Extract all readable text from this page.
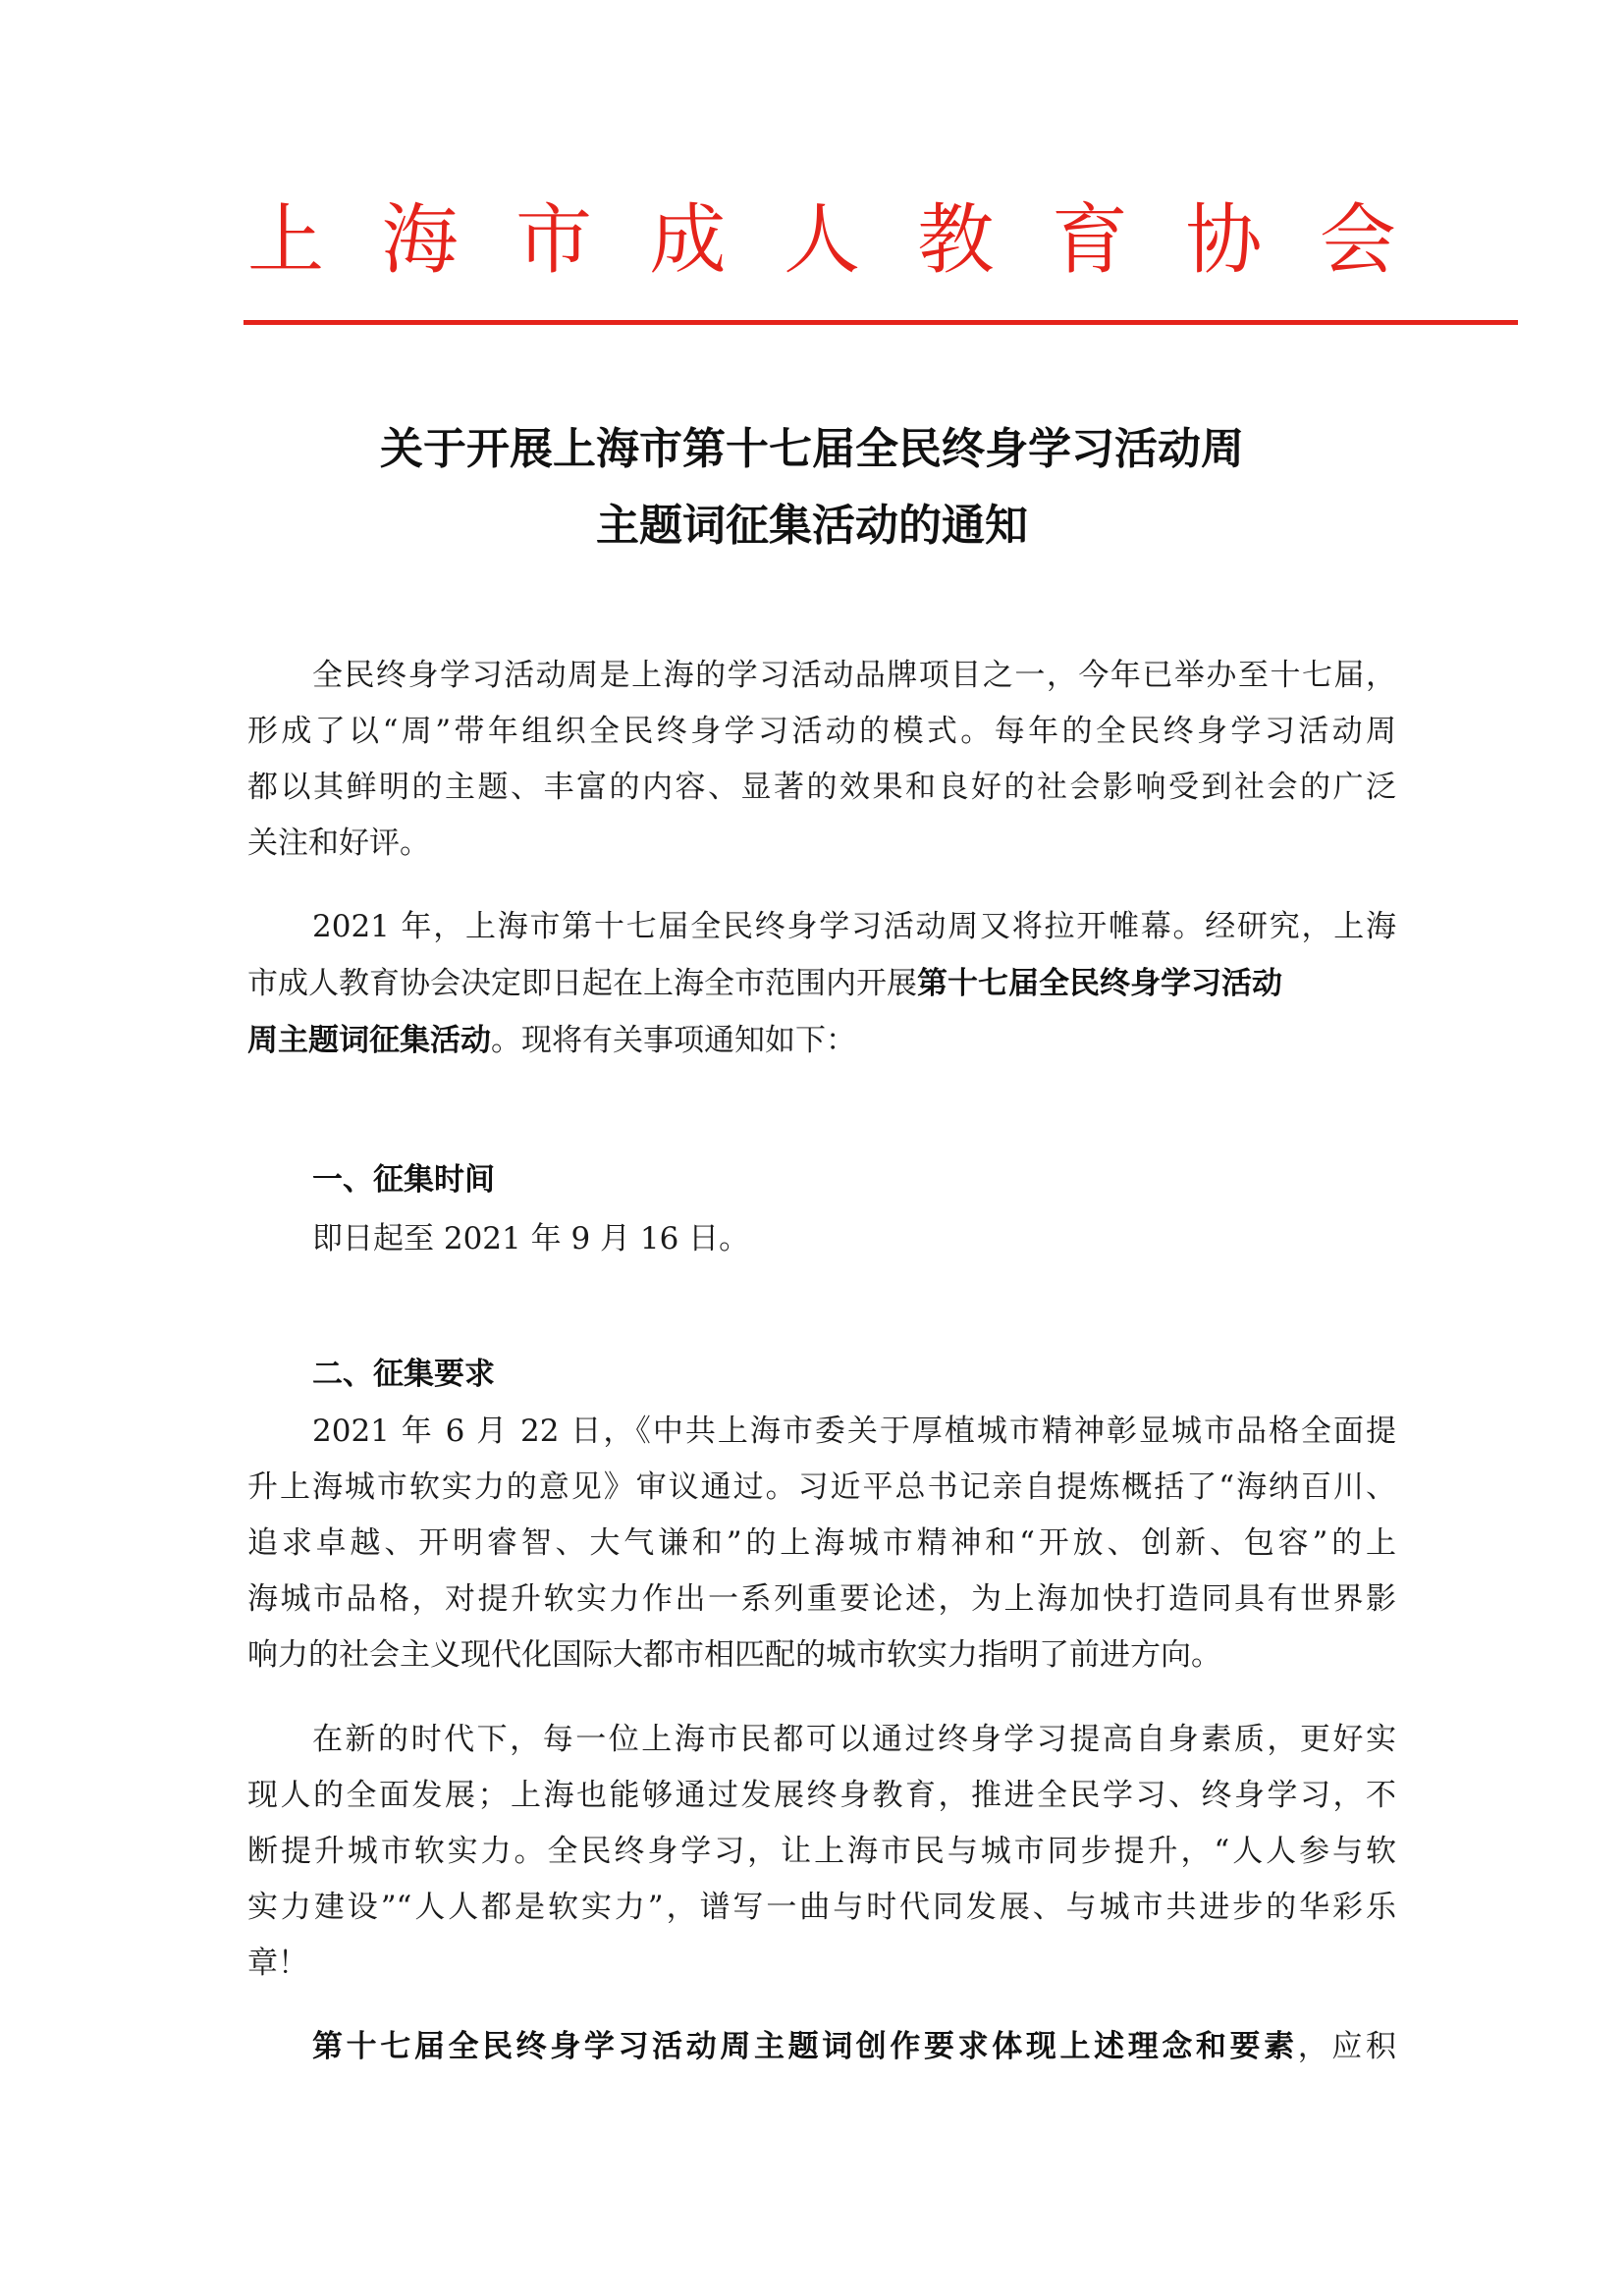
上 海 市 成 人 教 育 协 会
关于开展上海市第十七届全民终身学习活动周
主题词征集活动的通知
全民终身学习活动周是上海的学习活动品牌项目之一，今年已举办至十七届，
形成了以“周”带年组织全民终身学习活动的模式。每年的全民终身学习活动周
都以其鲜明的主题、丰富的内容、显著的效果和良好的社会影响受到社会的广泛
关注和好评。
2021 年，上海市第十七届全民终身学习活动周又将拉开帷幕。经研究，上海
市成人教育协会决定即日起在上海全市范围内开展第十七届全民终身学习活动
周主题词征集活动。现将有关事项通知如下：
一、征集时间
即日起至 2021 年 9 月 16 日。
二、征集要求
2021 年 6 月 22 日，《中共上海市委关于厚植城市精神彰显城市品格全面提
升上海城市软实力的意见》审议通过。习近平总书记亲自提炼概括了“海纳百川、
追求卓越、开明睿智、大气谦和”的上海城市精神和“开放、创新、包容”的上
海城市品格，对提升软实力作出一系列重要论述，为上海加快打造同具有世界影
响力的社会主义现代化国际大都市相匹配的城市软实力指明了前进方向。
在新的时代下，每一位上海市民都可以通过终身学习提高自身素质，更好实
现人的全面发展；上海也能够通过发展终身教育，推进全民学习、终身学习，不
断提升城市软实力。全民终身学习，让上海市民与城市同步提升，“人人参与软
实力建设”“人人都是软实力”，谱写一曲与时代同发展、与城市共进步的华彩乐
章！
第十七届全民终身学习活动周主题词创作要求体现上述理念和要素，应积
